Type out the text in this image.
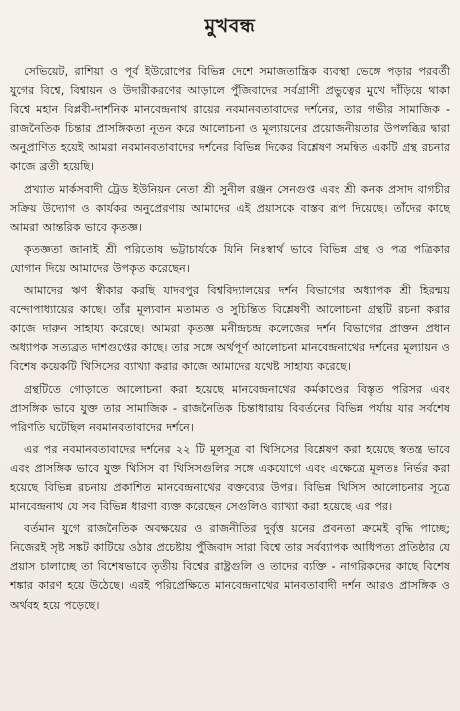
মুখবন্ধ

সেভিয়েট, রাশিয়া ও পূর্ব ইউরোপের বিভিন্ন দেশে সমাজতান্ত্রিক ব্যবস্থা ভেঙ্গে পড়ার পরবর্তী যুগের বিশ্বে, বিশ্বায়ন ও উদারীকরণের আড়ালে পুঁজিবাদের সর্বগ্রাসী প্রভুত্বের মুখে দাঁড়িয়ে থাকা বিশ্বে মহান বিপ্লবী-দার্শনিক মানবেন্দ্রনাথ রায়ের নবমানবতাবাদের দর্শনের, তার গভীর সামাজিক - রাজনৈতিক চিন্তার প্রাসঙ্গিকতা নূতন করে আলোচনা ও মূল্যায়নের প্রয়োজনীয়তার উপলব্ধির দ্বারা অনুপ্রাণিত হয়েই আমরা নবমানবতাবাদের দর্শনের বিভিন্ন দিকের বিশ্লেষণ সমন্বিত একটি গ্রন্থ রচনার কাজে ব্রতী হয়েছি।

প্রখ্যাত মার্কসবাদী ট্রেড ইউনিয়ন নেতা শ্রী সুনীল রঞ্জন সেনগুপ্ত এবং শ্রী কনক প্রসাদ বাগচীর সক্রিয় উদ্যোগ ও কার্যকর অনুপ্রেরণায় আমাদের এই প্রয়াসকে বাস্তব রূপ দিয়েছে। তাঁদের কাছে আমরা আন্তরিক ভাবে কৃতজ্ঞ।

কৃতজ্ঞতা জানাই শ্রী পরিতোষ ভট্টাচার্যকে যিনি নিঃস্বার্থ ভাবে বিভিন্ন গ্রন্থ ও পত্র পত্রিকার যোগান দিয়ে আমাদের উপকৃত করেছেন।

আমাদের ঋণ স্বীকার করছি যাদবপুর বিশ্ববিদ্যালয়ের দর্শন বিভাগের অধ্যাপক শ্রী হিরন্ময় বন্দোপাধ্যায়ের কাছে। তাঁর মূল্যবান মতামত ও সুচিন্তিত বিশ্লেষণী আলোচনা গ্রন্থটি রচনা করার কাজে দারুন সাহায্য করেছে। আমরা কৃতজ্ঞ মনীন্দ্রচন্দ্র কলেজের দর্শন বিভাগের প্রাক্তন প্রধান অধ্যাপক সত্যব্রত দাশগুপ্তের কাছে। তার সঙ্গে অর্থপূর্ণ আলোচনা মানবেন্দ্রনাথের দর্শনের মূল্যায়ন ও বিশেষ কয়েকটি থিসিসের ব্যাখ্যা করার কাজে আমাদের যথেষ্ট সাহায্য করেছে।

গ্রন্থটিতে গোড়াতে আলোচনা করা হয়েছে মানবেন্দ্রনাথের কর্মকাণ্ডের বিস্তৃত পরিসর এবং প্রাসঙ্গিক ভাবে যুক্ত তার সামাজিক - রাজনৈতিক চিন্তাধারায় বিবর্তনের বিভিন্ন পর্যায় যার সর্বশেষ পরিণতি ঘটেছিল নবমানবতাবাদের দর্শনে।

এর পর নবমানবতাবাদের দর্শনের ২২ টি মূলসূত্র বা থিসিসের বিশ্লেষণ করা হয়েছে স্বতন্ত্র ভাবে এবং প্রাসঙ্গিক ভাবে যুক্ত থিসিস বা থিসিসগুলির সঙ্গে একযোগে এবং এক্ষেত্রে মূলতঃ নির্ভর করা হয়েছে বিভিন্ন রচনায় প্রকাশিত মানবেন্দ্রনাথের বক্তব্যের উপর। বিভিন্ন থিসিস আলোচনার সূত্রে মানবেন্দ্রনাথ যে সব বিভিন্ন ধারণা ব্যক্ত করেছেন সেগুলিও ব্যাখ্যা করা হয়েছে এর পর।

বর্তমান যুগে রাজনৈতিক অবক্ষয়ের ও রাজনীতির দুর্বৃত্ত য়নের প্রবনতা ক্রমেই বৃদ্ধি পাচ্ছে; নিজেরই সৃষ্ট সঙ্কট কাটিয়ে ওঠার প্রচেষ্টায় পুঁজিবাদ সারা বিশ্বে তার সর্বব্যাপক আধিপত্য প্রতিষ্ঠার যে প্রয়াস চালাচ্ছে তা বিশেষভাবে তৃতীয় বিশ্বের রাষ্ট্রগুলি ও তাদের ব্যক্তি - নাগরিকদের কাছে বিশেষ শঙ্কার কারণ হয়ে উঠেছে। এরই পরিপ্রেক্ষিতে মানবেন্দ্রনাথের মানবতাবাদী দর্শন আরও প্রাসঙ্গিক ও অর্থবহ হয়ে পড়েছে।
